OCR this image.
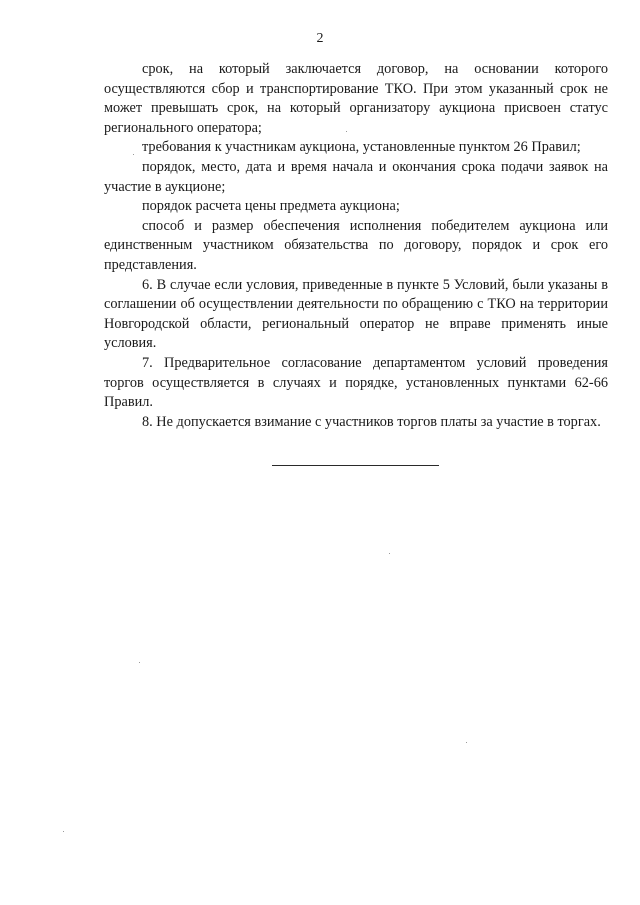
2

срок, на который заключается договор, на основании которого осуществляются сбор и транспортирование ТКО. При этом указанный срок не может превышать срок, на который организатору аукциона присвоен статус регионального оператора;

требования к участникам аукциона, установленные пунктом 26 Правил;

порядок, место, дата и время начала и окончания срока подачи заявок на участие в аукционе;

порядок расчета цены предмета аукциона;

способ и размер обеспечения исполнения победителем аукциона или единственным участником обязательства по договору, порядок и срок его представления.

6. В случае если условия, приведенные в пункте 5 Условий, были указаны в соглашении об осуществлении деятельности по обращению с ТКО на территории Новгородской области, региональный оператор не вправе применять иные условия.

7. Предварительное согласование департаментом условий проведения торгов осуществляется в случаях и порядке, установленных пунктами 62-66 Правил.

8. Не допускается взимание с участников торгов платы за участие в торгах.
